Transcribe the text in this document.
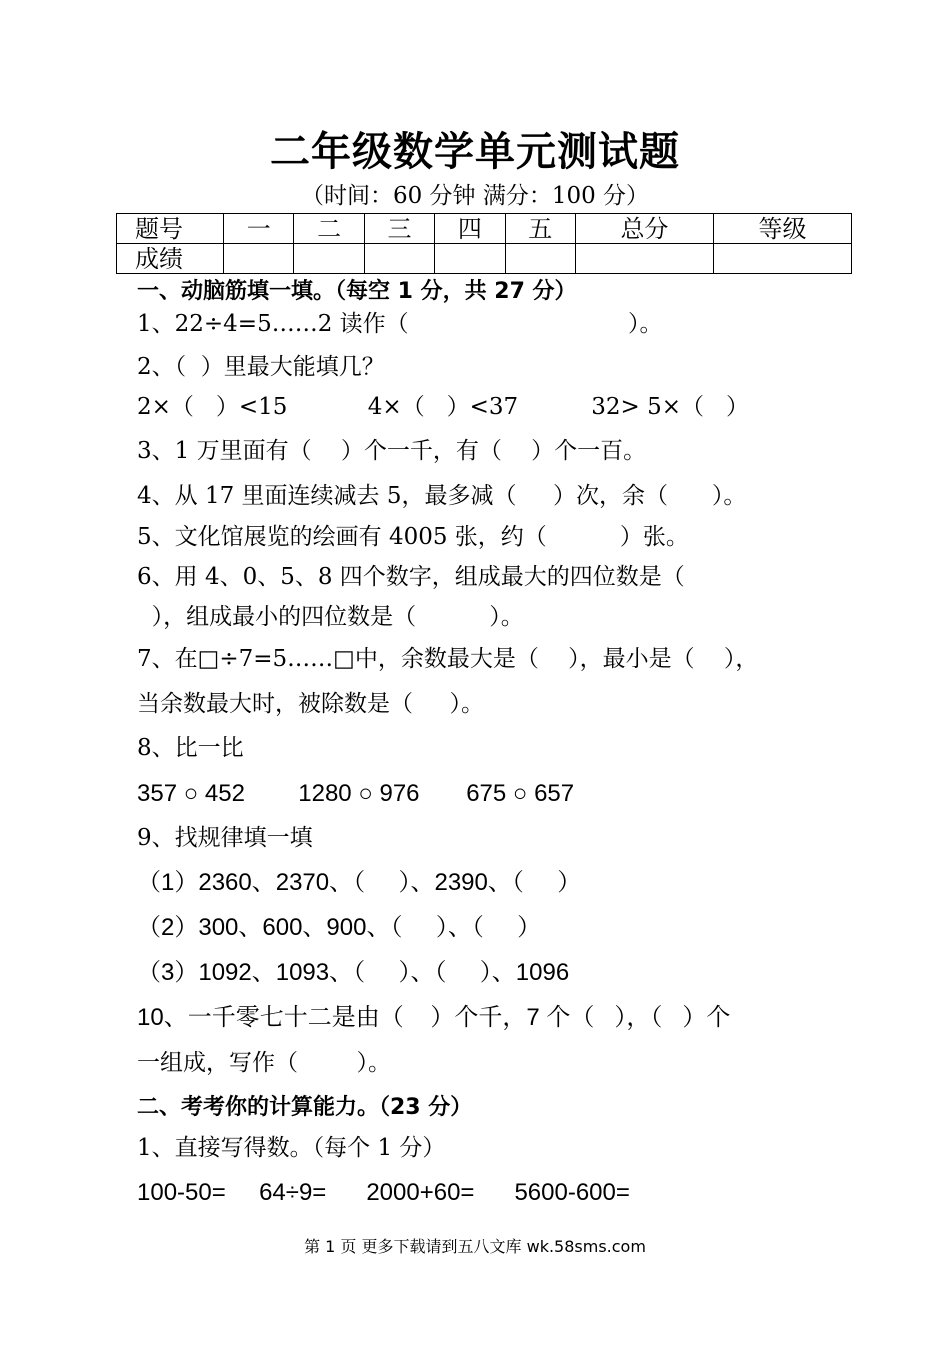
二年级数学单元测试题
（时间：60 分钟 满分：100 分）
题号	一	二	三	四	五	总分	等级
成绩							
一、动脑筋填一填。（每空 1 分，共 27 分）
1、22÷4=5……2 读作（                              ）。
2、（  ）里最大能填几？
2×（   ）<15           4×（   ）<37          32> 5×（   ）
3、1 万里面有（    ）个一千，有（    ）个一百。
4、从 17 里面连续减去 5，最多减（     ）次，余（      ）。
5、文化馆展览的绘画有 4005 张，约（          ）张。
6、用 4、0、5、8 四个数字，组成最大的四位数是（
），组成最小的四位数是（          ）。
7、在□÷7=5……□中，余数最大是（    ），最小是（    ），
当余数最大时，被除数是（     ）。
8、比一比
357 ○ 452        1280 ○ 976       675 ○ 657
9、找规律填一填
（1）2360、2370、（     ）、2390、（     ）
（2）300、600、900、（     ）、（     ）
（3）1092、1093、（     ）、（     ）、1096
10、一千零七十二是由（    ）个千，7 个（   ），（   ）个
一组成，写作（        ）。
二、考考你的计算能力。（23 分）
1、直接写得数。（每个 1 分）
100-50=     64÷9=      2000+60=      5600-600=
第 1 页 更多下载请到五八文库 wk.58sms.com
